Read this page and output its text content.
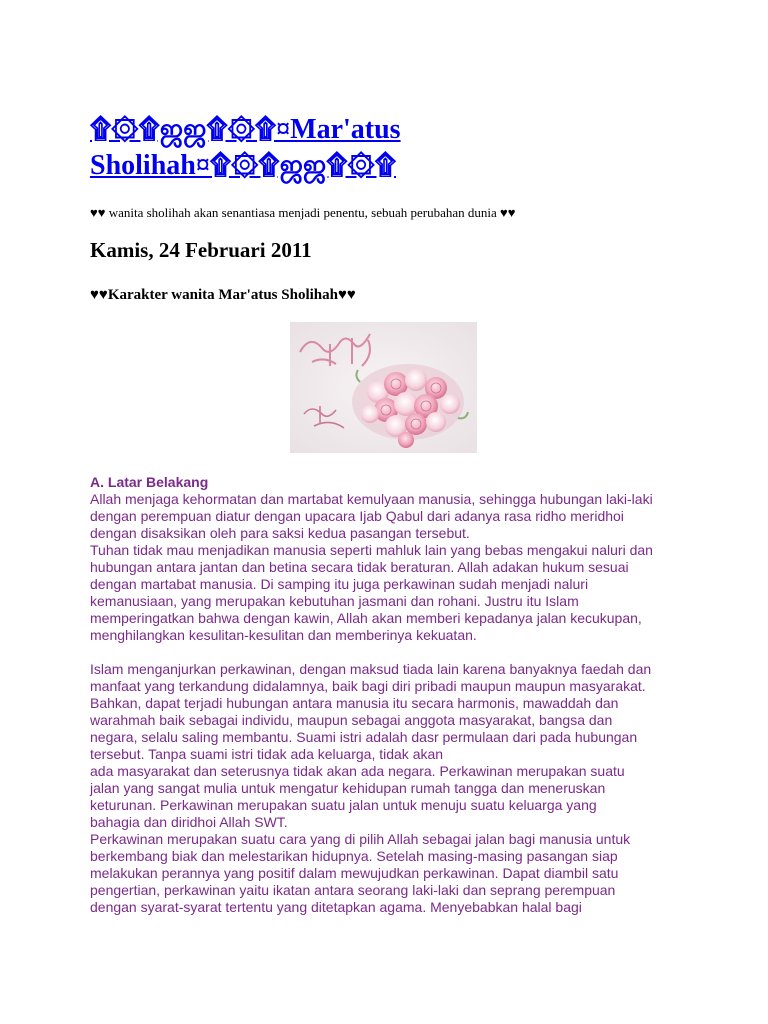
۩۞۩ஜஜ۩۞۩¤Mar'atus
Sholihah¤۩۞۩ஜஜ۩۞۩
♥♥ wanita sholihah akan senantiasa menjadi penentu, sebuah perubahan dunia ♥♥
Kamis, 24 Februari 2011
♥♥Karakter wanita Mar'atus Sholihah♥♥
A. Latar Belakang
Allah menjaga kehormatan dan martabat kemulyaan manusia, sehingga hubungan laki-laki
dengan perempuan diatur dengan upacara Ijab Qabul dari adanya rasa ridho meridhoi
dengan disaksikan oleh para saksi kedua pasangan tersebut.
Tuhan tidak mau menjadikan manusia seperti mahluk lain yang bebas mengakui naluri dan
hubungan antara jantan dan betina secara tidak beraturan. Allah adakan hukum sesuai
dengan martabat manusia. Di samping itu juga perkawinan sudah menjadi naluri
kemanusiaan, yang merupakan kebutuhan jasmani dan rohani. Justru itu Islam
memperingatkan bahwa dengan kawin, Allah akan memberi kepadanya jalan kecukupan,
menghilangkan kesulitan-kesulitan dan memberinya kekuatan.
Islam menganjurkan perkawinan, dengan maksud tiada lain karena banyaknya faedah dan
manfaat yang terkandung didalamnya, baik bagi diri pribadi maupun maupun masyarakat.
Bahkan, dapat terjadi hubungan antara manusia itu secara harmonis, mawaddah dan
warahmah baik sebagai individu, maupun sebagai anggota masyarakat, bangsa dan
negara, selalu saling membantu. Suami istri adalah dasr permulaan dari pada hubungan
tersebut. Tanpa suami istri tidak ada keluarga, tidak akan
ada masyarakat dan seterusnya tidak akan ada negara. Perkawinan merupakan suatu
jalan yang sangat mulia untuk mengatur kehidupan rumah tangga dan meneruskan
keturunan. Perkawinan merupakan suatu jalan untuk menuju suatu keluarga yang
bahagia dan diridhoi Allah SWT.
Perkawinan merupakan suatu cara yang di pilih Allah sebagai jalan bagi manusia untuk
berkembang biak dan melestarikan hidupnya. Setelah masing-masing pasangan siap
melakukan perannya yang positif dalam mewujudkan perkawinan. Dapat diambil satu
pengertian, perkawinan yaitu ikatan antara seorang laki-laki dan seprang perempuan
dengan syarat-syarat tertentu yang ditetapkan agama. Menyebabkan halal bagi
